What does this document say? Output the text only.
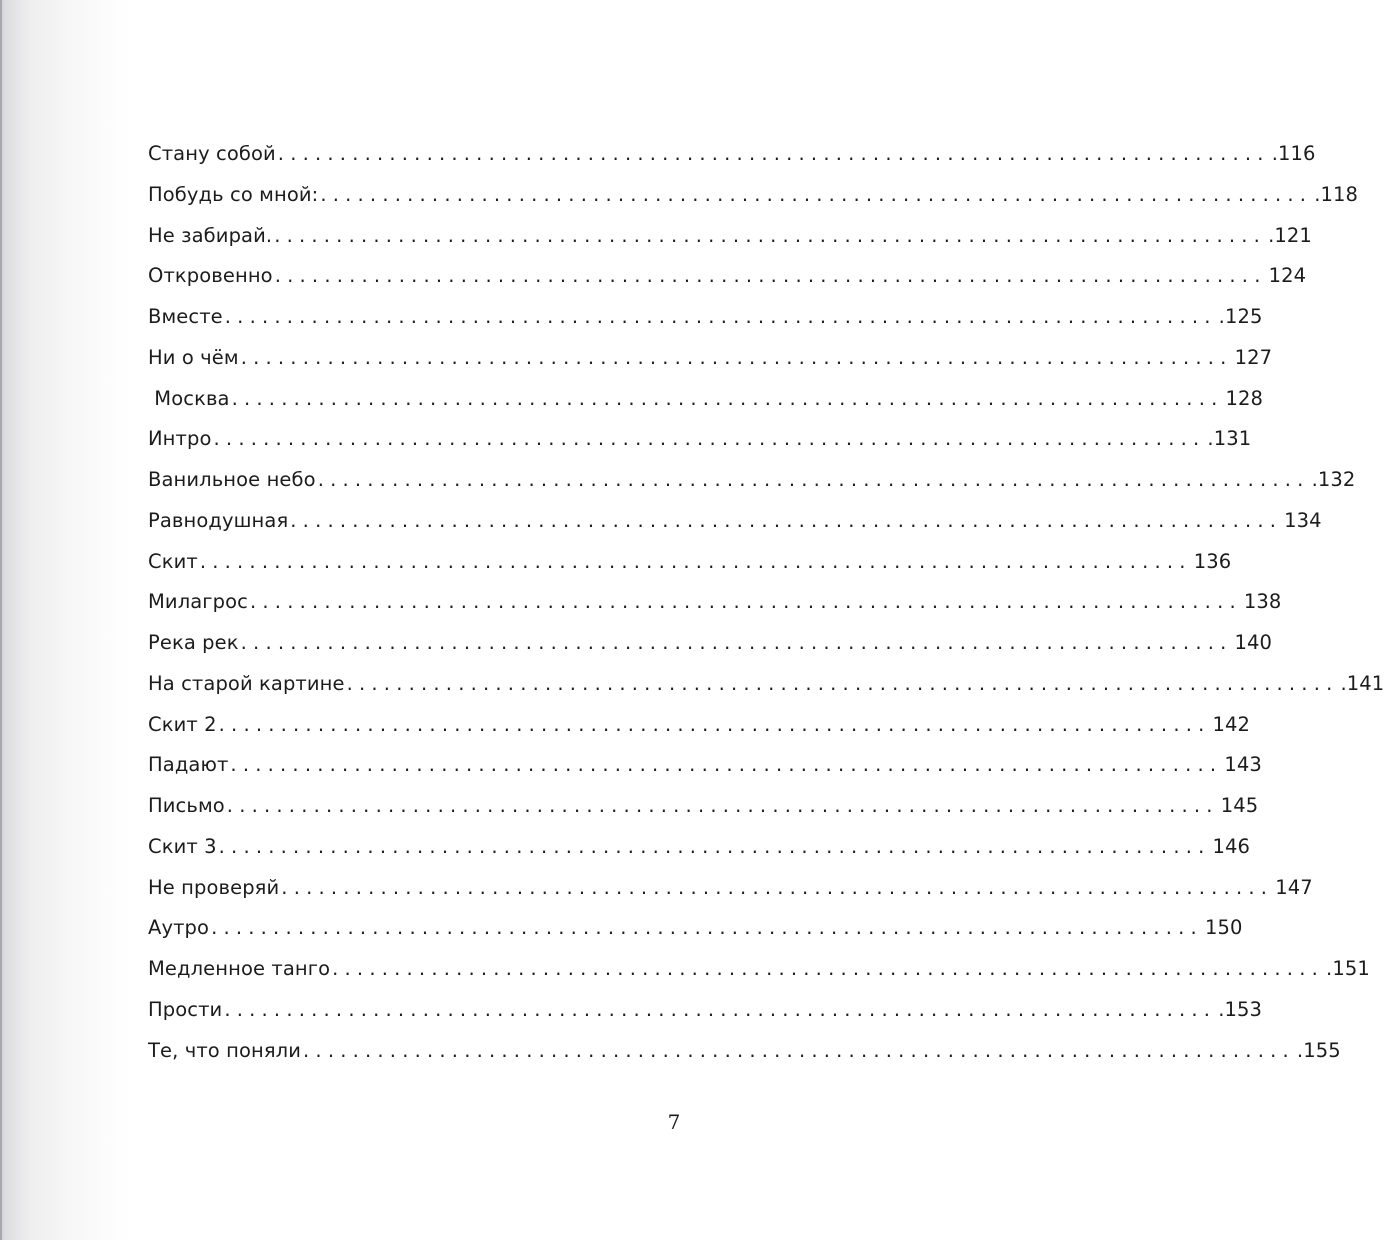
Стану собой ................................................................................ .116
Побудь со мной: ................................................................................ .118
Не забирай. ................................................................................ .121
Откровенно ................................................................................ 124
Вместе ................................................................................ .125
Ни о чём ................................................................................ 127
Москва ................................................................................ 128
Интро ................................................................................ .131
Ванильное небо ................................................................................ .132
Равнодушная ................................................................................ 134
Скит ................................................................................ 136
Милагрос ................................................................................ 138
Река рек ................................................................................ 140
На старой картине ................................................................................ .141
Скит 2 ................................................................................ 142
Падают ................................................................................ 143
Письмо ................................................................................ 145
Скит 3 ................................................................................ 146
Не проверяй ................................................................................ 147
Аутро ................................................................................ 150
Медленное танго ................................................................................ .151
Прости ................................................................................ .153
Те, что поняли ................................................................................ .155
7
